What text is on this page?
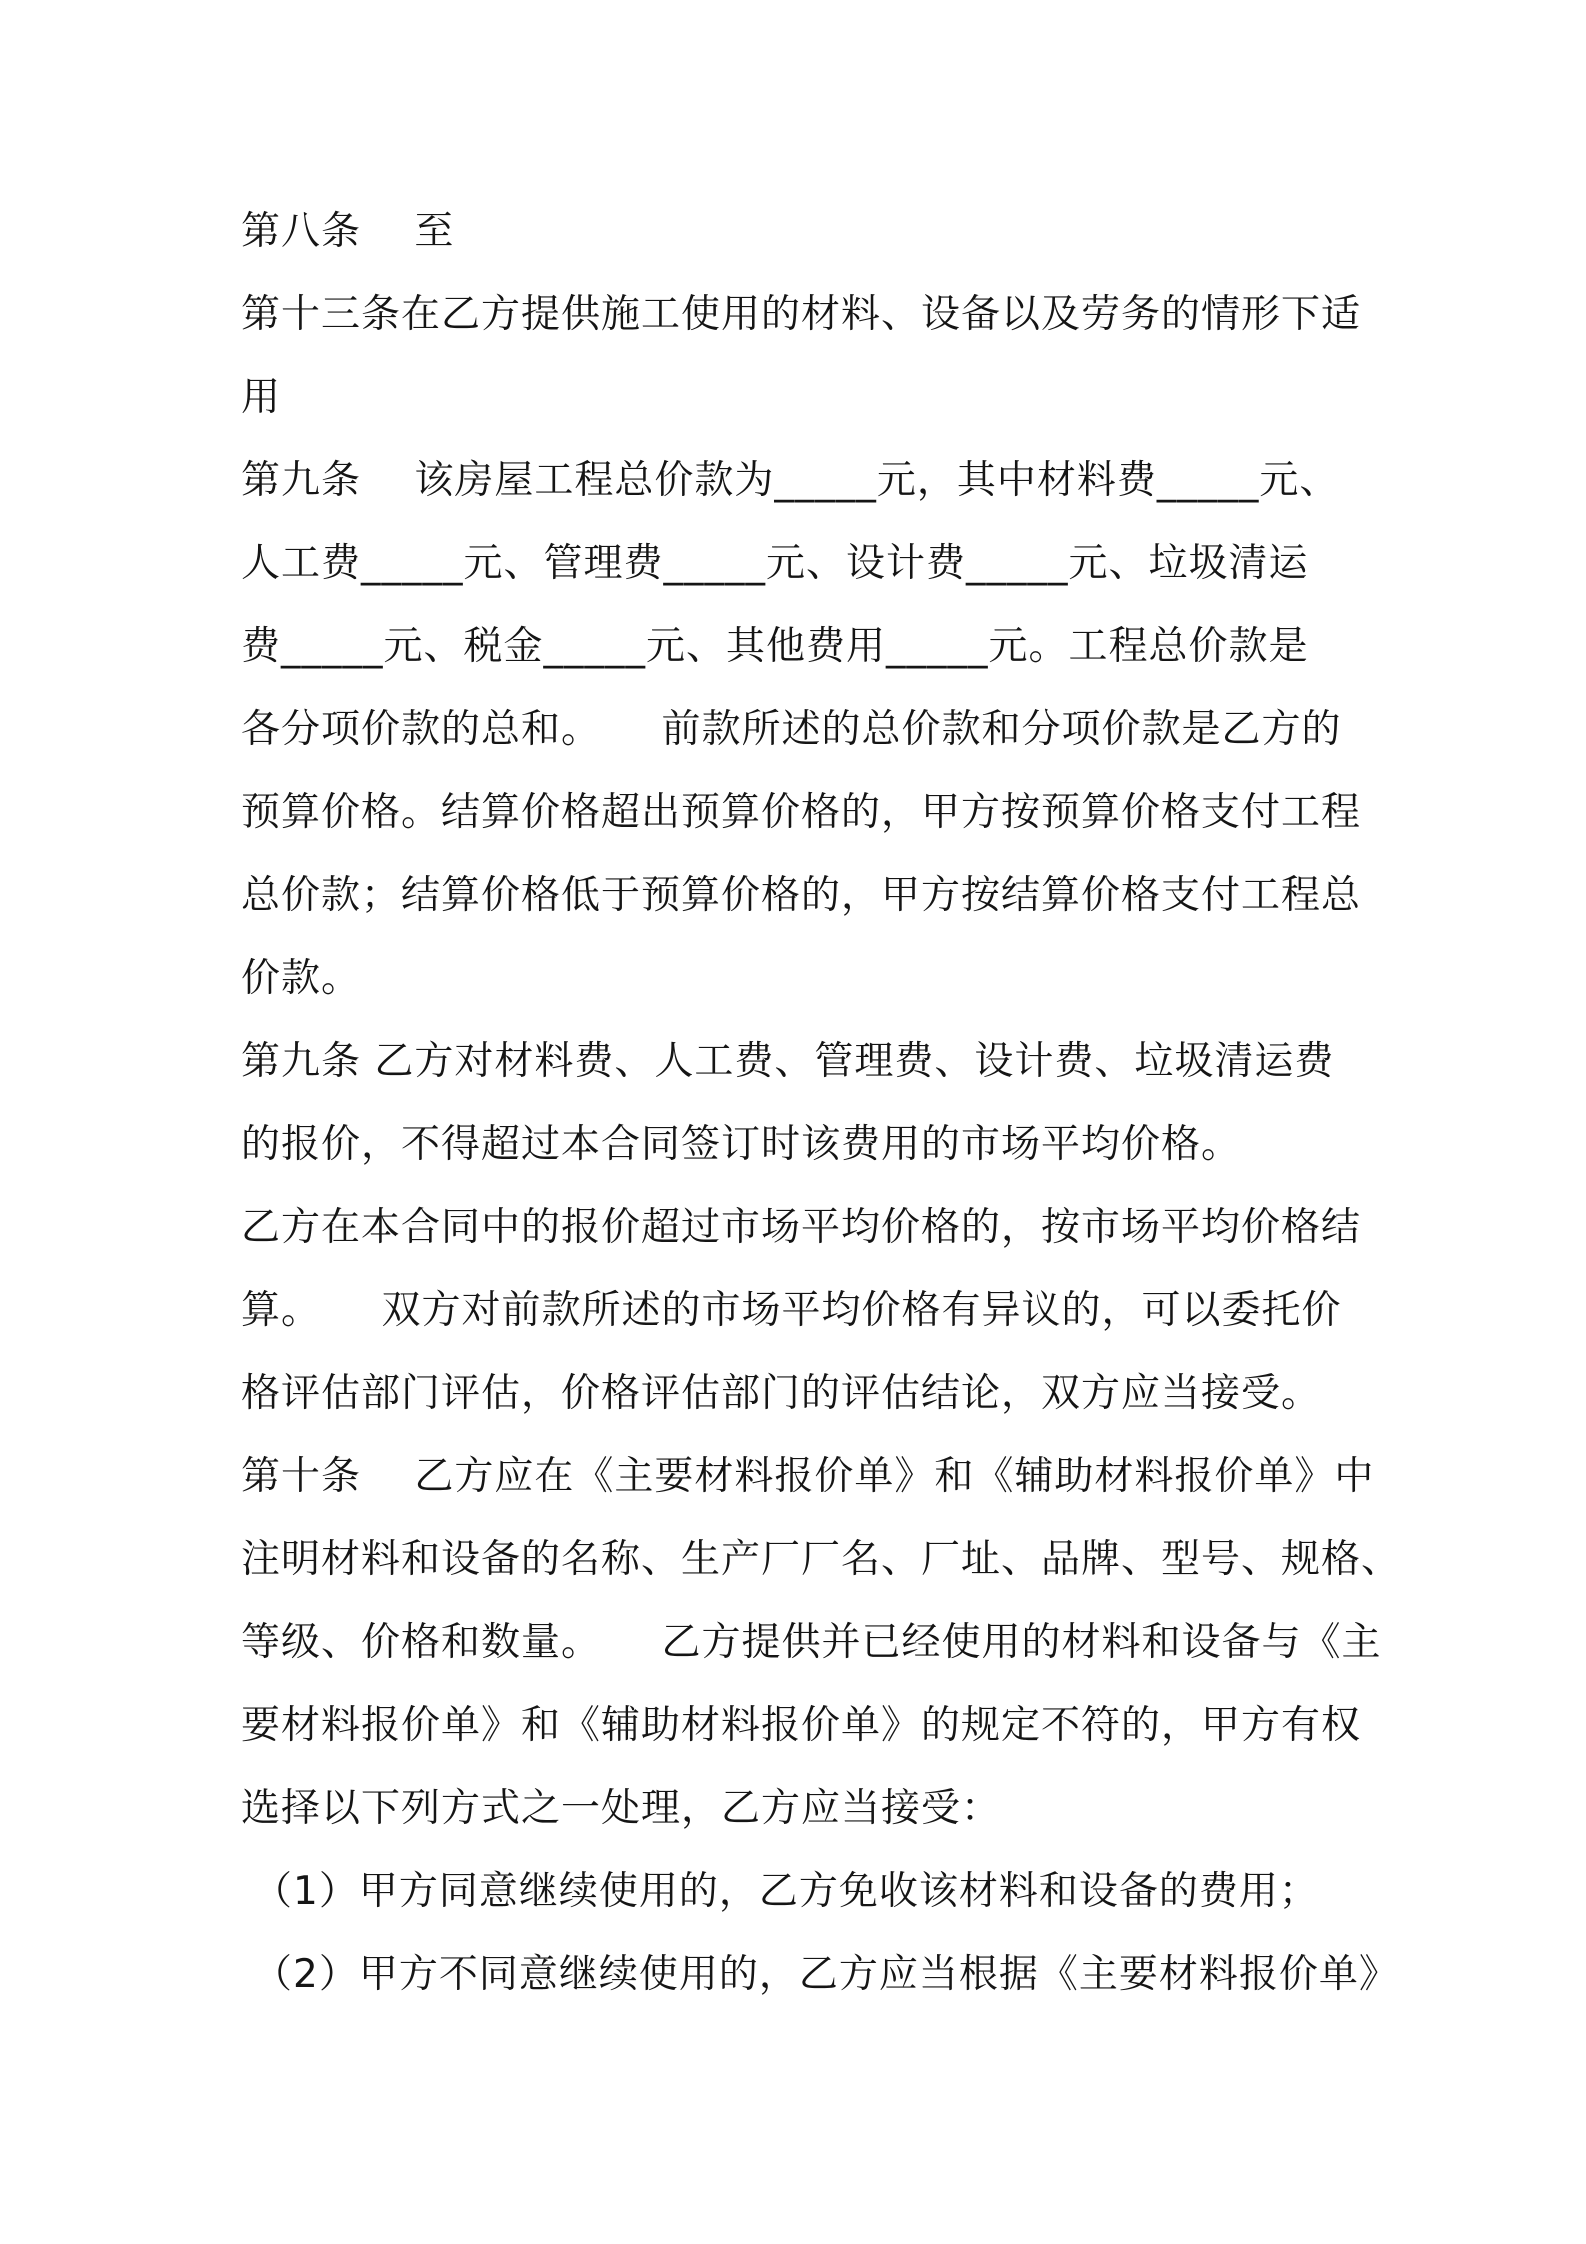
第八条　 至
第十三条在乙方提供施工使用的材料、设备以及劳务的情形下适
用
第九条　 该房屋工程总价款为_____元，其中材料费_____元、
人工费_____元、管理费_____元、设计费_____元、垃圾清运
费_____元、税金_____元、其他费用_____元。工程总价款是
各分项价款的总和。　　前款所述的总价款和分项价款是乙方的
预算价格。结算价格超出预算价格的，甲方按预算价格支付工程
总价款；结算价格低于预算价格的，甲方按结算价格支付工程总
价款。
第九条 乙方对材料费、人工费、管理费、设计费、垃圾清运费
的报价，不得超过本合同签订时该费用的市场平均价格。
乙方在本合同中的报价超过市场平均价格的，按市场平均价格结
算。　　双方对前款所述的市场平均价格有异议的，可以委托价
格评估部门评估，价格评估部门的评估结论，双方应当接受。
第十条　 乙方应在《主要材料报价单》和《辅助材料报价单》中
注明材料和设备的名称、生产厂厂名、厂址、品牌、型号、规格、
等级、价格和数量。　　乙方提供并已经使用的材料和设备与《主
要材料报价单》和《辅助材料报价单》的规定不符的，甲方有权
选择以下列方式之一处理，乙方应当接受：
（1）甲方同意继续使用的，乙方免收该材料和设备的费用；
（2）甲方不同意继续使用的，乙方应当根据《主要材料报价单》
